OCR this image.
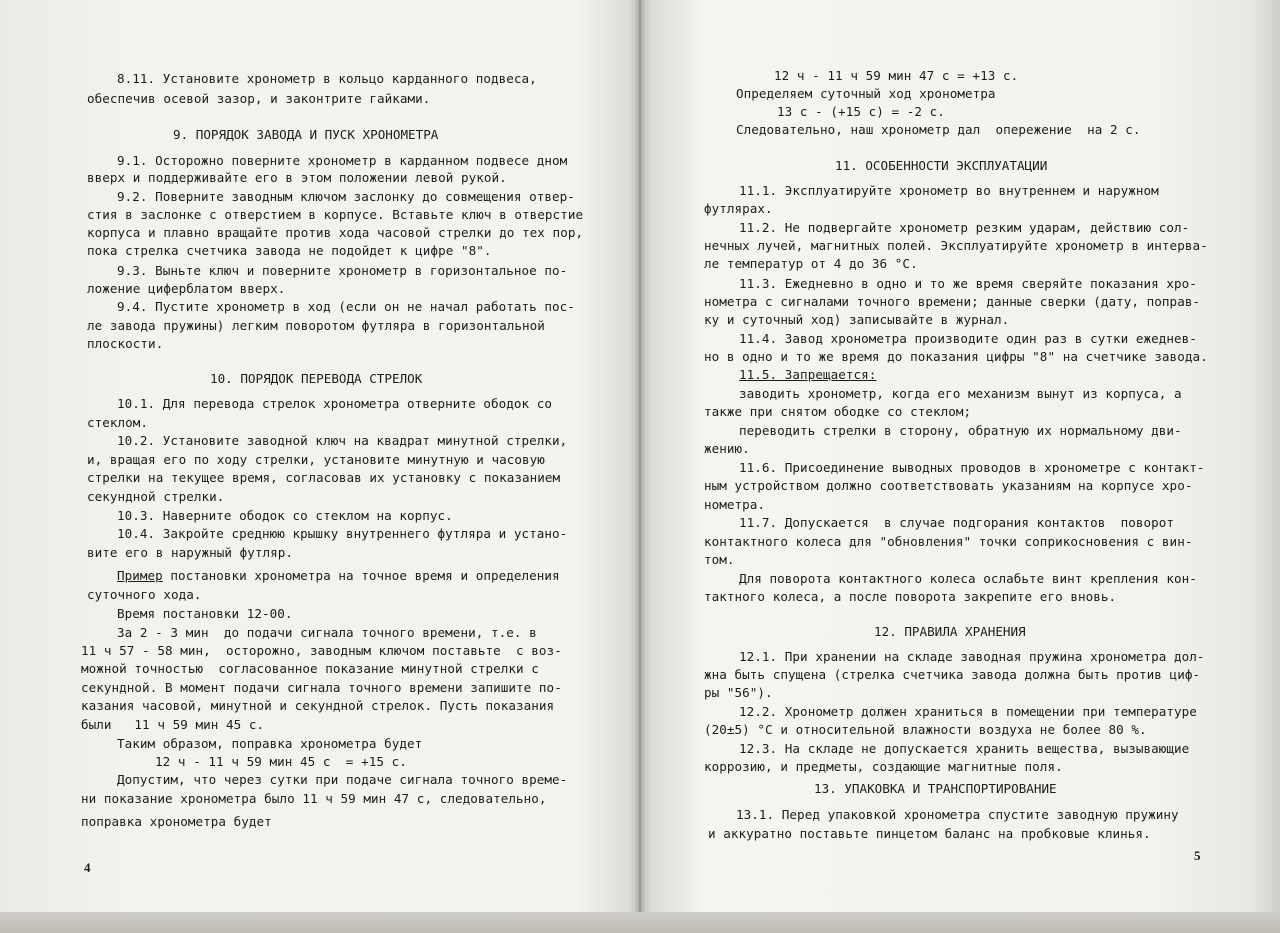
8.11. Установите хронометр в кольцо карданного подвеса,
обеспечив осевой зазор, и законтрите гайками.
9. ПОРЯДОК ЗАВОДА И ПУСК ХРОНОМЕТРА
9.1. Осторожно поверните хронометр в карданном подвесе дном
вверх и поддерживайте его в этом положении левой рукой.
9.2. Поверните заводным ключом заслонку до совмещения отвер-
стия в заслонке с отверстием в корпусе. Вставьте ключ в отверстие
корпуса и плавно вращайте против хода часовой стрелки до тех пор,
пока стрелка счетчика завода не подойдет к цифре "8".
9.3. Выньте ключ и поверните хронометр в горизонтальное по-
ложение циферблатом вверх.
9.4. Пустите хронометр в ход (если он не начал работать пос-
ле завода пружины) легким поворотом футляра в горизонтальной
плоскости.
10. ПОРЯДОК ПЕРЕВОДА СТРЕЛОК
10.1. Для перевода стрелок хронометра отверните ободок со
стеклом.
10.2. Установите заводной ключ на квадрат минутной стрелки,
и, вращая его по ходу стрелки, установите минутную и часовую
стрелки на текущее время, согласовав их установку с показанием
секундной стрелки.
10.3. Наверните ободок со стеклом на корпус.
10.4. Закройте среднюю крышку внутреннего футляра и устано-
вите его в наружный футляр.
Пример постановки хронометра на точное время и определения
суточного хода.
Время постановки 12-00.
За 2 - 3 мин  до подачи сигнала точного времени, т.е. в
11 ч 57 - 58 мин,  осторожно, заводным ключом поставьте  с воз-
можной точностью  согласованное показание минутной стрелки с
секундной. В момент подачи сигнала точного времени запишите по-
казания часовой, минутной и секундной стрелок. Пусть показания
были   11 ч 59 мин 45 с.
Таким образом, поправка хронометра будет
12 ч - 11 ч 59 мин 45 с  = +15 с.
Допустим, что через сутки при подаче сигнала точного време-
ни показание хронометра было 11 ч 59 мин 47 с, следовательно,
поправка хронометра будет
4
12 ч - 11 ч 59 мин 47 с = +13 с.
Определяем суточный ход хронометра
13 с - (+15 с) = -2 с.
Следовательно, наш хронометр дал  опережение  на 2 с.
11. ОСОБЕННОСТИ ЭКСПЛУАТАЦИИ
11.1. Эксплуатируйте хронометр во внутреннем и наружном
футлярах.
11.2. Не подвергайте хронометр резким ударам, действию сол-
нечных лучей, магнитных полей. Эксплуатируйте хронометр в интерва-
ле температур от 4 до 36 °С.
11.3. Ежедневно в одно и то же время сверяйте показания хро-
нометра с сигналами точного времени; данные сверки (дату, поправ-
ку и суточный ход) записывайте в журнал.
11.4. Завод хронометра производите один раз в сутки ежеднев-
но в одно и то же время до показания цифры "8" на счетчике завода.
11.5. Запрещается:
заводить хронометр, когда его механизм вынут из корпуса, а
также при снятом ободке со стеклом;
переводить стрелки в сторону, обратную их нормальному дви-
жению.
11.6. Присоединение выводных проводов в хронометре с контакт-
ным устройством должно соответствовать указаниям на корпусе хро-
нометра.
11.7. Допускается  в случае подгорания контактов  поворот
контактного колеса для "обновления" точки соприкосновения с вин-
том.
Для поворота контактного колеса ослабьте винт крепления кон-
тактного колеса, а после поворота закрепите его вновь.
12. ПРАВИЛА ХРАНЕНИЯ
12.1. При хранении на складе заводная пружина хронометра дол-
жна быть спущена (стрелка счетчика завода должна быть против циф-
ры "56").
12.2. Хронометр должен храниться в помещении при температуре
(20±5) °С и относительной влажности воздуха не более 80 %.
12.3. На складе не допускается хранить вещества, вызывающие
коррозию, и предметы, создающие магнитные поля.
13. УПАКОВКА И ТРАНСПОРТИРОВАНИЕ
13.1. Перед упаковкой хронометра спустите заводную пружину
и аккуратно поставьте пинцетом баланс на пробковые клинья.
5
